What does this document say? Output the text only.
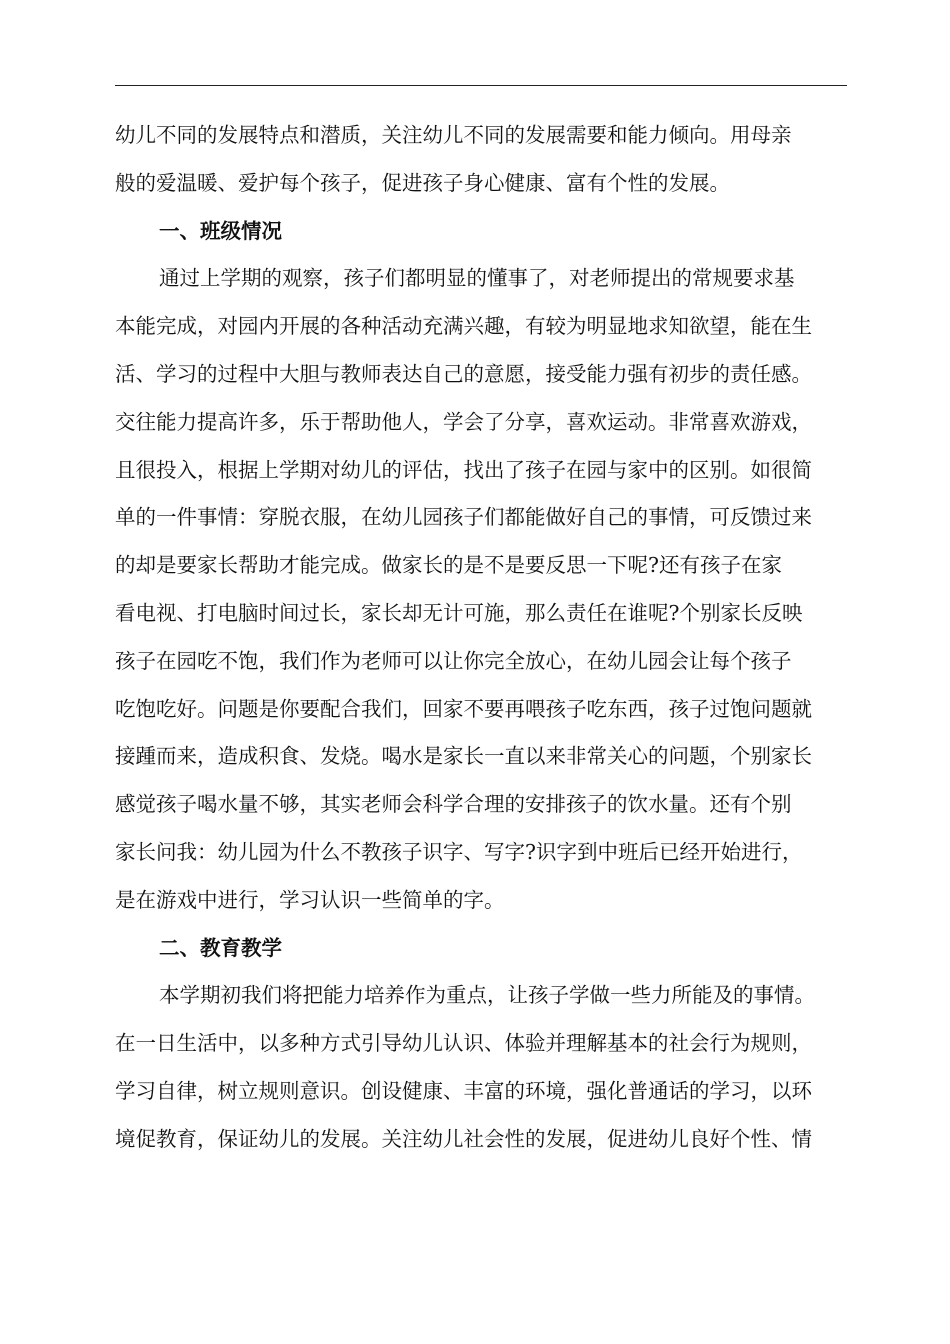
幼儿不同的发展特点和潜质，关注幼儿不同的发展需要和能力倾向。用母亲
般的爱温暖、爱护每个孩子，促进孩子身心健康、富有个性的发展。
一、班级情况
通过上学期的观察，孩子们都明显的懂事了，对老师提出的常规要求基
本能完成，对园内开展的各种活动充满兴趣，有较为明显地求知欲望，能在生
活、学习的过程中大胆与教师表达自己的意愿，接受能力强有初步的责任感。
交往能力提高许多，乐于帮助他人，学会了分享，喜欢运动。非常喜欢游戏，
且很投入，根据上学期对幼儿的评估，找出了孩子在园与家中的区别。如很简
单的一件事情：穿脱衣服，在幼儿园孩子们都能做好自己的事情，可反馈过来
的却是要家长帮助才能完成。做家长的是不是要反思一下呢?还有孩子在家
看电视、打电脑时间过长，家长却无计可施，那么责任在谁呢?个别家长反映
孩子在园吃不饱，我们作为老师可以让你完全放心，在幼儿园会让每个孩子
吃饱吃好。问题是你要配合我们，回家不要再喂孩子吃东西，孩子过饱问题就
接踵而来，造成积食、发烧。喝水是家长一直以来非常关心的问题，个别家长
感觉孩子喝水量不够，其实老师会科学合理的安排孩子的饮水量。还有个别
家长问我：幼儿园为什么不教孩子识字、写字?识字到中班后已经开始进行，
是在游戏中进行，学习认识一些简单的字。
二、教育教学
本学期初我们将把能力培养作为重点，让孩子学做一些力所能及的事情。
在一日生活中，以多种方式引导幼儿认识、体验并理解基本的社会行为规则，
学习自律，树立规则意识。创设健康、丰富的环境，强化普通话的学习，以环
境促教育，保证幼儿的发展。关注幼儿社会性的发展，促进幼儿良好个性、情
